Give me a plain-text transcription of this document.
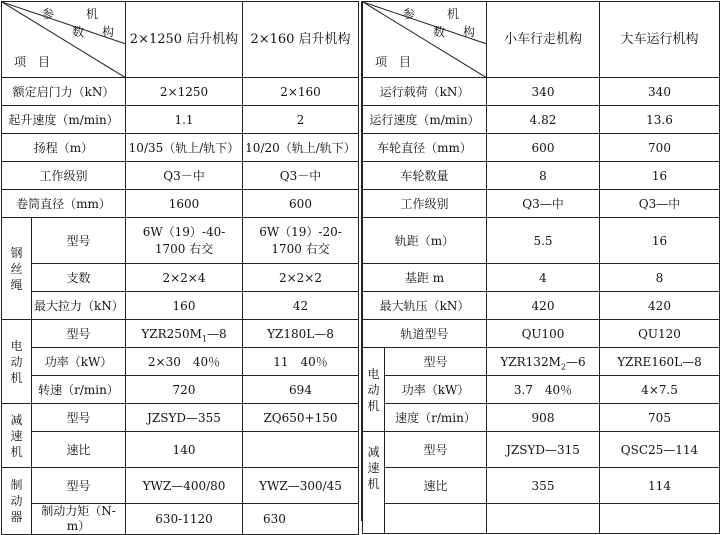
参 机
数 构
项　目		2×1250 启升机构	2×160 启升机构
额定启门力（kN）		2×1250	2×160
起升速度（m/min）		1.1	2
扬程（m）		10/35（轨上/轨下）	10/20（轨上/轨下）
工作级别		Q3－中	Q3－中
卷筒直径（mm）		1600	600
钢丝绳	型号	6W（19）-40-1700 右交	6W（19）-20-1700 右交
	支数	2×2×4	2×2×2
	最大拉力（kN）	160	42
电动机	型号	$YZR250M_1—8$	YZ180L—8
	功率（kW）	2×30　40％	11　40％
	转速（r/min）	720	694
减速机	型号	JZSYD—355	ZQ650+150
	速比	140	
制动器	型号	YWZ—400/80	YWZ—300/45
	制动力矩（N-m）	630-1120	630
参 机
数 构
项　目		小车行走机构	大车运行机构
运行载荷（kN）		340	340
运行速度（m/min）		4.82	13.6
车轮直径（mm）		600	700
车轮数量		8	16
工作级别		Q3—中	Q3—中
轨距（m）		5.5	16
基距 m		4	8
最大轨压（kN）		420	420
轨道型号		QU100	QU120
电动机	型号	$YZR132M_2—6$	YZRE160L—8
	功率（kW）	3.7　40％	4×7.5
	速度（r/min）	908	705
减速机	型号	JZSYD—315	QSC25—114
	速比	355	114
